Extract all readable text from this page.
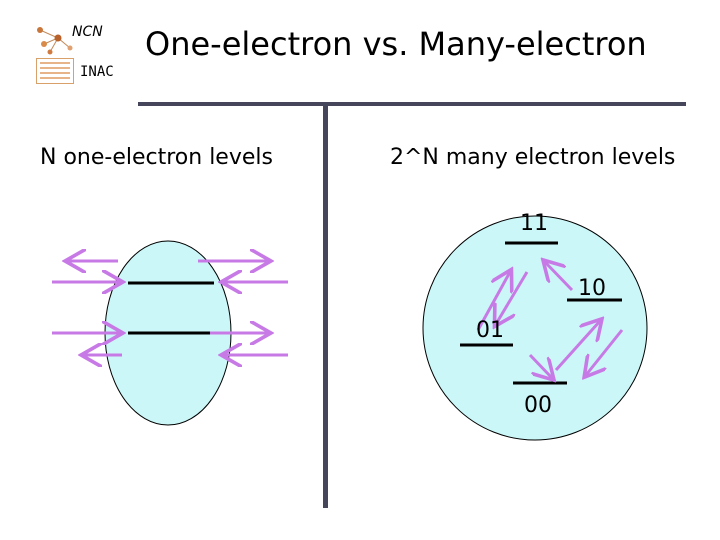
NCN
INAC
One-electron vs. Many-electron
N one-electron levels	2^N many electron levels
11
10
01
00
